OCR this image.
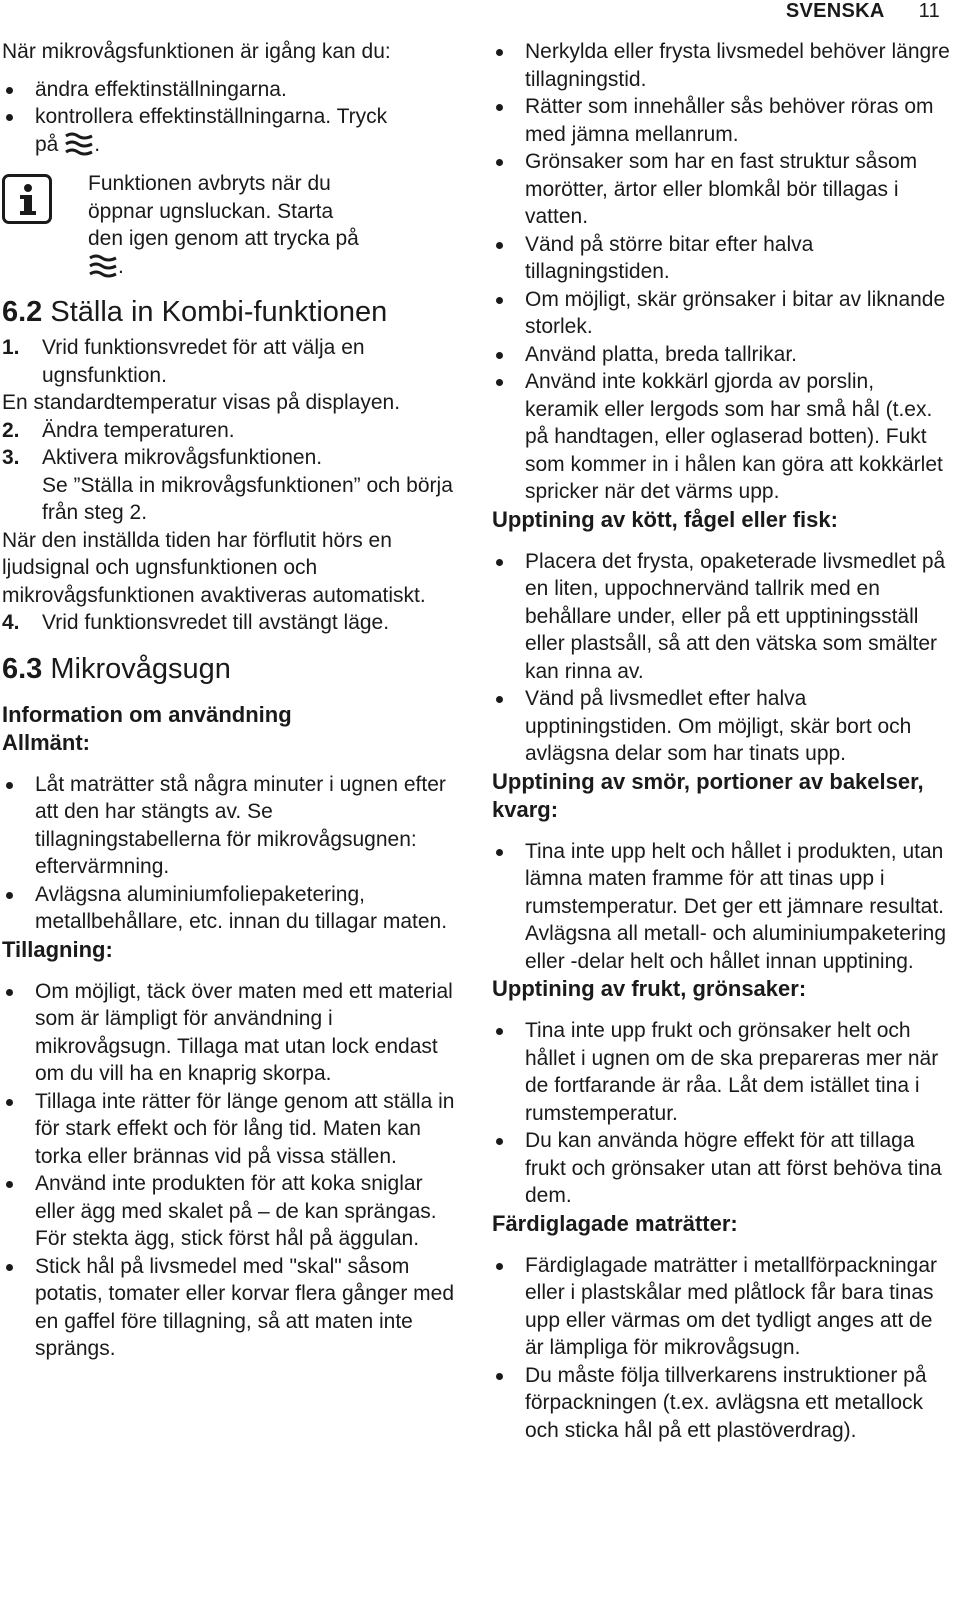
SVENSKA 11

När mikrovågsfunktionen är igång kan du:

ändra effektinställningarna.
kontrollera effektinställningarna. Tryck
på .
Funktionen avbryts när du
öppnar ugnsluckan. Starta
den igen genom att trycka på
.
6.2 Ställa in Kombi-funktionen
1. Vrid funktionsvredet för att välja en ugnsfunktion.

En standardtemperatur visas på displayen.

2. Ändra temperaturen.
3. Aktivera mikrovågsfunktionen.
Se ”Ställa in mikrovågsfunktionen” och börja från steg 2.

När den inställda tiden har förflutit hörs en ljudsignal och ugnsfunktionen och mikrovågsfunktionen avaktiveras automatiskt.

4. Vrid funktionsvredet till avstängt läge.
6.3 Mikrovågsugn
Information om användning
Allmänt:
Låt maträtter stå några minuter i ugnen efter att den har stängts av. Se tillagningstabellerna för mikrovågsugnen: eftervärmning.
Avlägsna aluminiumfoliepaketering, metallbehållare, etc. innan du tillagar maten.
Tillagning:
Om möjligt, täck över maten med ett material som är lämpligt för användning i mikrovågsugn. Tillaga mat utan lock endast om du vill ha en knaprig skorpa.
Tillaga inte rätter för länge genom att ställa in för stark effekt och för lång tid. Maten kan torka eller brännas vid på vissa ställen.
Använd inte produkten för att koka sniglar eller ägg med skalet på – de kan sprängas. För stekta ägg, stick först hål på äggulan.
Stick hål på livsmedel med "skal" såsom potatis, tomater eller korvar flera gånger med en gaffel före tillagning, så att maten inte sprängs.
Nerkylda eller frysta livsmedel behöver längre tillagningstid.
Rätter som innehåller sås behöver röras om med jämna mellanrum.
Grönsaker som har en fast struktur såsom morötter, ärtor eller blomkål bör tillagas i vatten.
Vänd på större bitar efter halva tillagningstiden.
Om möjligt, skär grönsaker i bitar av liknande storlek.
Använd platta, breda tallrikar.
Använd inte kokkärl gjorda av porslin, keramik eller lergods som har små hål (t.ex. på handtagen, eller oglaserad botten). Fukt som kommer in i hålen kan göra att kokkärlet spricker när det värms upp.
Upptining av kött, fågel eller fisk:
Placera det frysta, opaketerade livsmedlet på en liten, uppochnervänd tallrik med en behållare under, eller på ett upptiningsställ eller plastsåll, så att den vätska som smälter kan rinna av.
Vänd på livsmedlet efter halva upptiningstiden. Om möjligt, skär bort och avlägsna delar som har tinats upp.
Upptining av smör, portioner av bakelser, kvarg:
Tina inte upp helt och hållet i produkten, utan lämna maten framme för att tinas upp i rumstemperatur. Det ger ett jämnare resultat. Avlägsna all metall- och aluminiumpaketering eller -delar helt och hållet innan upptining.
Upptining av frukt, grönsaker:
Tina inte upp frukt och grönsaker helt och hållet i ugnen om de ska prepareras mer när de fortfarande är råa. Låt dem istället tina i rumstemperatur.
Du kan använda högre effekt för att tillaga frukt och grönsaker utan att först behöva tina dem.
Färdiglagade maträtter:
Färdiglagade maträtter i metallförpackningar eller i plastskålar med plåtlock får bara tinas upp eller värmas om det tydligt anges att de är lämpliga för mikrovågsugn.
Du måste följa tillverkarens instruktioner på förpackningen (t.ex. avlägsna ett metallock och sticka hål på ett plastöverdrag).
